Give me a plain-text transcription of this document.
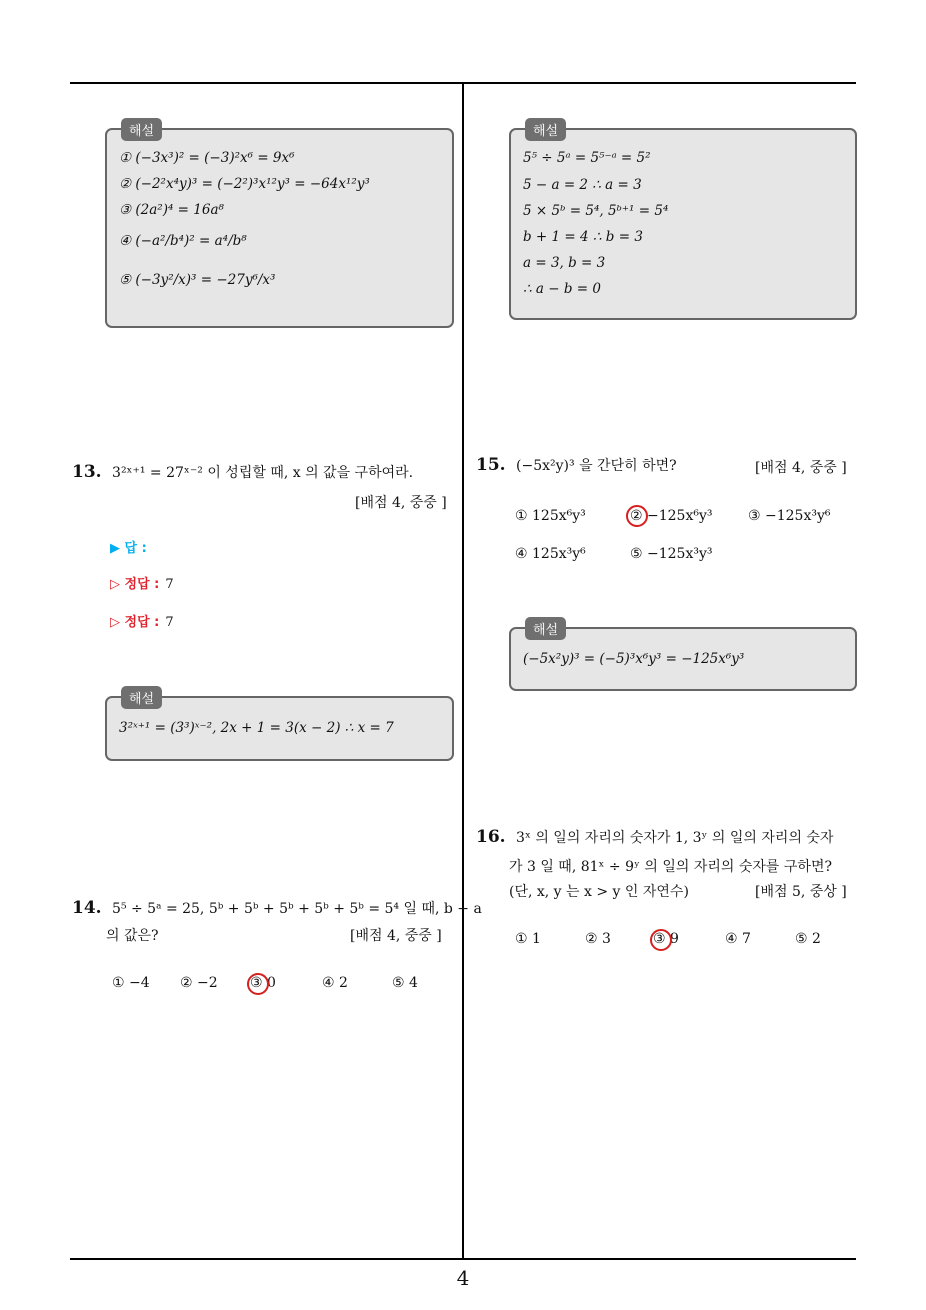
해설
① (−3x³)² = (−3)²x⁶ = 9x⁶
② (−2²x⁴y)³ = (−2²)³x¹²y³ = −64x¹²y³
③ (2a²)⁴ = 16a⁸
④ (−a²/b⁴)² = a⁴/b⁸
⑤ (−3y²/x)³ = −27y⁶/x³
해설
5⁵ ÷ 5ᵃ = 5⁵⁻ᵃ = 5²
5 − a = 2 ∴ a = 3
5 × 5ᵇ = 5⁴, 5ᵇ⁺¹ = 5⁴
b + 1 = 4 ∴ b = 3
a = 3, b = 3
∴ a − b = 0
13. 3²ˣ⁺¹ = 27ˣ⁻² 이 성립할 때, x 의 값을 구하여라.
[배점 4, 중중 ]
▶ 답 :
▷ 정답 : 7
▷ 정답 : 7
해설
3²ˣ⁺¹ = (3³)ˣ⁻², 2x + 1 = 3(x − 2) ∴ x = 7
14. 5⁵ ÷ 5ᵃ = 25, 5ᵇ + 5ᵇ + 5ᵇ + 5ᵇ + 5ᵇ = 5⁴ 일 때, b − a
의 값은?	[배점 4, 중중 ]
① −4 ② −2 ③ 0	④ 2	⑤ 4
15. (−5x²y)³ 을 간단히 하면?	[배점 4, 중중 ]
① 125x⁶y³	② −125x⁶y³	③ −125x³y⁶
④ 125x³y⁶	⑤ −125x³y³
해설
(−5x²y)³ = (−5)³x⁶y³ = −125x⁶y³
16. 3ˣ 의 일의 자리의 숫자가 1, 3ʸ 의 일의 자리의 숫자
가 3 일 때, 81ˣ ÷ 9ʸ 의 일의 자리의 숫자를 구하면?
(단, x, y 는 x > y 인 자연수)	[배점 5, 중상 ]
① 1	② 3	③ 9	④ 7	⑤ 2
4
